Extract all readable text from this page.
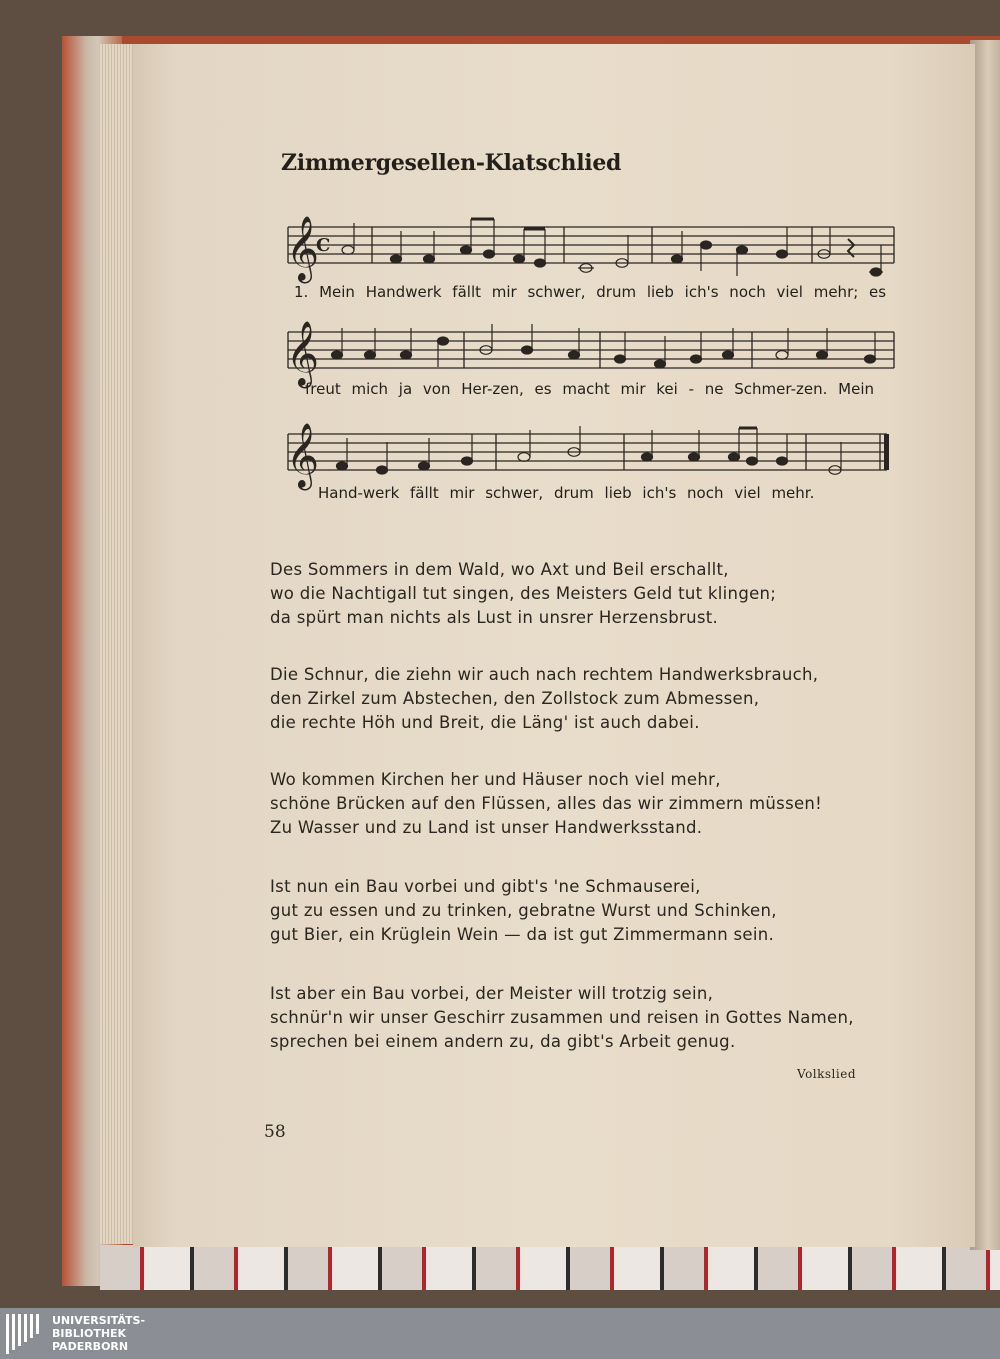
Zimmergesellen-Klatschlied
𝄞
C
1. Mein Handwerk fällt mir schwer, drum lieb ich's noch viel mehr; es
𝄞
freut mich ja von Her-zen, es macht mir kei - ne Schmer-zen. Mein
𝄞
Hand-werk fällt mir schwer, drum lieb ich's noch viel mehr.
Des Sommers in dem Wald, wo Axt und Beil erschallt,
wo die Nachtigall tut singen, des Meisters Geld tut klingen;
da spürt man nichts als Lust in unsrer Herzensbrust.
Die Schnur, die ziehn wir auch nach rechtem Handwerksbrauch,
den Zirkel zum Abstechen, den Zollstock zum Abmessen,
die rechte Höh und Breit, die Läng' ist auch dabei.
Wo kommen Kirchen her und Häuser noch viel mehr,
schöne Brücken auf den Flüssen, alles das wir zimmern müssen!
Zu Wasser und zu Land ist unser Handwerksstand.
Ist nun ein Bau vorbei und gibt's 'ne Schmauserei,
gut zu essen und zu trinken, gebratne Wurst und Schinken,
gut Bier, ein Krüglein Wein — da ist gut Zimmermann sein.
Ist aber ein Bau vorbei, der Meister will trotzig sein,
schnür'n wir unser Geschirr zusammen und reisen in Gottes Namen,
sprechen bei einem andern zu, da gibt's Arbeit genug.
Volkslied
58
UNIVERSITÄTS-
BIBLIOTHEK
PADERBORN
